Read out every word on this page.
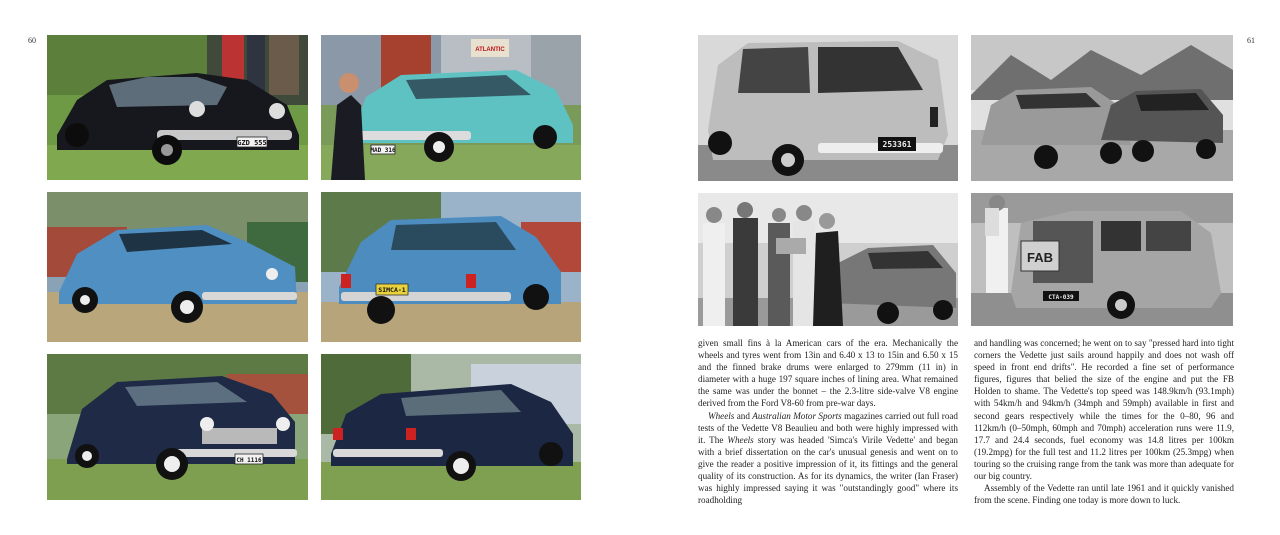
60	61
GZD 555
ATLANTIC
MAD 316
SIMCA-1
CH 1116
253361
FAB
CTA-039

given small fins à la American cars of the era. Mechanically the wheels and tyres went from 13in and 6.40 x 13 to 15in and 6.50 x 15 and the finned brake drums were enlarged to 279mm (11 in) in diameter with a huge 197 square inches of lining area. What remained the same was under the bonnet – the 2.3-litre side-valve V8 engine derived from the Ford V8-60 from pre-war days.

Wheels and Australian Motor Sports magazines carried out full road tests of the Vedette V8 Beaulieu and both were highly impressed with it. The Wheels story was headed 'Simca's Virile Vedette' and began with a brief dissertation on the car's unusual genesis and went on to give the reader a positive impression of it, its fittings and the general quality of its construction. As for its dynamics, the writer (Ian Fraser) was highly impressed saying it was "outstandingly good" where its roadholding

and handling was concerned; he went on to say "pressed hard into tight corners the Vedette just sails around happily and does not wash off speed in front end drifts". He recorded a fine set of performance figures, figures that belied the size of the engine and put the FB Holden to shame. The Vedette's top speed was 148.9km/h (93.1mph) with 54km/h and 94km/h (34mph and 59mph) available in first and second gears respectively while the times for the 0–80, 96 and 112km/h (0–50mph, 60mph and 70mph) acceleration runs were 11.9, 17.7 and 24.4 seconds, fuel economy was 14.8 litres per 100km (19.2mpg) for the full test and 11.2 litres per 100km (25.3mpg) when touring so the cruising range from the tank was more than adequate for our big country.

Assembly of the Vedette ran until late 1961 and it quickly vanished from the scene. Finding one today is more down to luck.
